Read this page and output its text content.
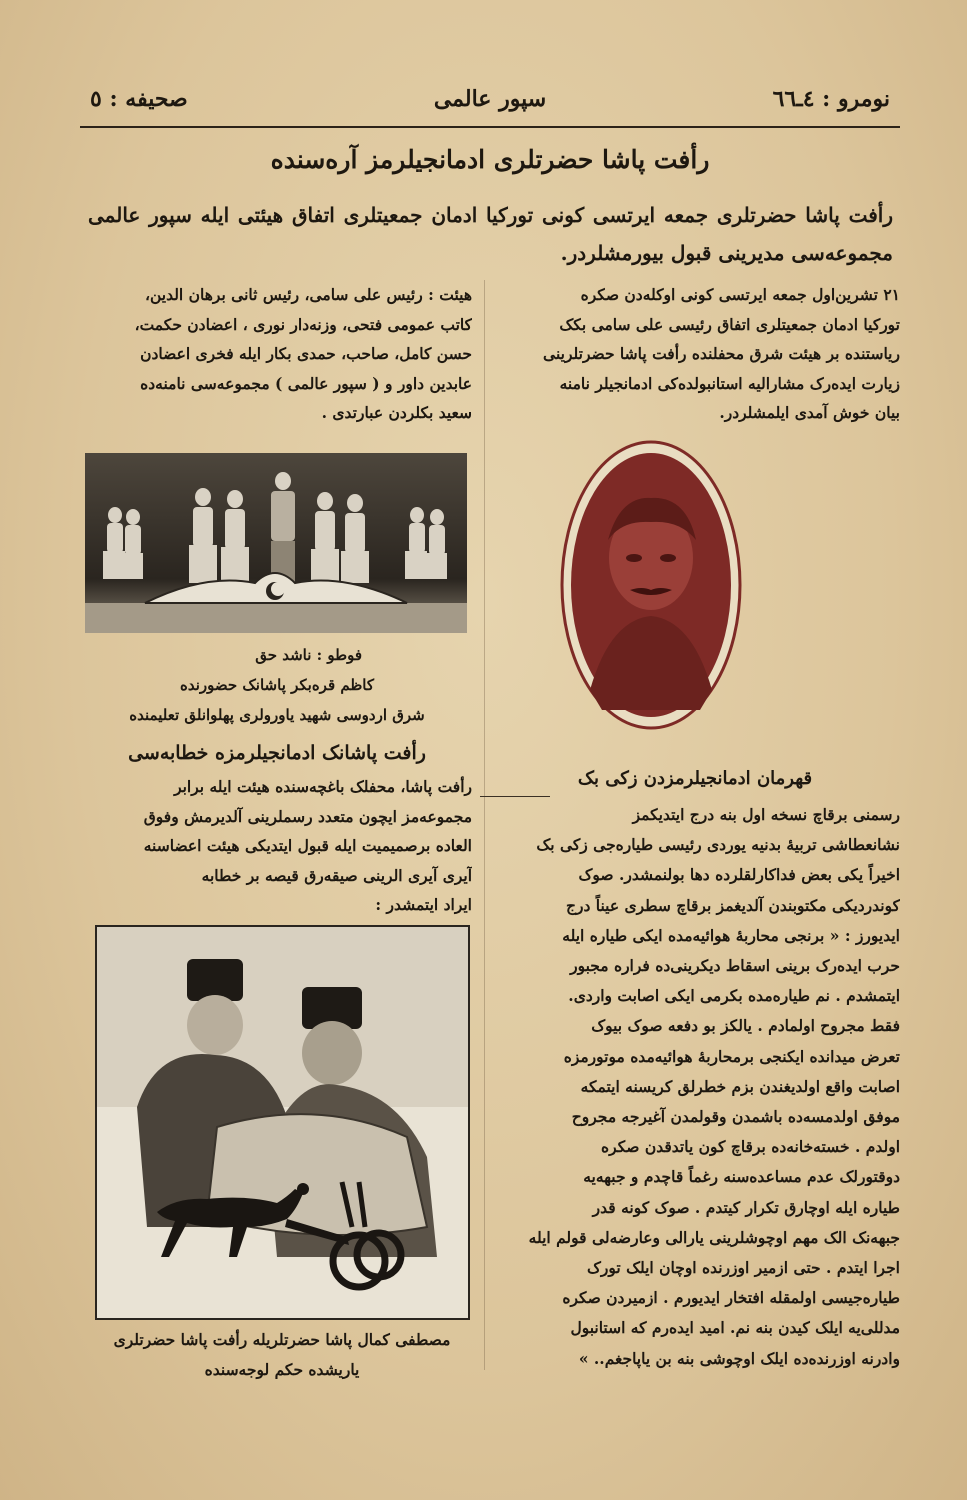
نومرو : ٤ـ٦٦
سپور عالمی
صحیفه : ٥
رأفت پاشا حضرتلری ادمانجیلرمز آره‌سنده
رأفت پاشا حضرتلری جمعه ایرتسی کونی تورکیا ادمان جمعیتلری اتفاق هیئتی ایله سپور عالمی مجموعه‌سی مدیرینی قبول بیورمشلردر.
٢١ تشرین‌اول جمعه ایرتسی کونی اوکله‌دن صکره
تورکیا ادمان جمعیتلری اتفاق رئیسی علی سامی بکک
ریاستنده بر هیئت شرق محفلنده رأفت پاشا حضرتلرینی
زیارت ایده‌رک مشارالیه استانبولده‌کی ادمانجیلر نامنه
بیان خوش آمدی ایلمشلردر.
هیئت : رئیس علی سامی، رئیس ثانی برهان الدین،
کاتب عمومی فتحی، وزنه‌دار نوری ، اعضادن حکمت،
حسن کامل، صاحب، حمدی بکار ایله فخری اعضادن
عابدین داور و ( سپور عالمی ) مجموعه‌سی نامنه‌ده
سعید بکلردن عبارتدی .
فوطو : ناشد حق
کاظم قره‌بکر پاشانک حضورنده
شرق اردوسی شهید یاورولری پهلوانلق تعلیمنده
رأفت پاشانک ادمانجیلرمزه خطابه‌سی
رأفت پاشا، محفلک باغچه‌سنده هیئت ایله برابر
مجموعه‌مز ایچون متعدد رسملرینی آلدیرمش وفوق
العاده برصمیمیت ایله قبول ایتدیکی هیئت اعضاسنه
آیری آیری الرینی صیقه‌رق قیصه بر خطابه
ایراد ایتمشدر :
مصطفی کمال پاشا حضرتلریله رأفت پاشا حضرتلری
یاریشده حکم لوجه‌سنده
قهرمان ادمانجیلرمزدن زکی بک
رسمنی برقاچ نسخه اول بنه درج ایتدیکمز
نشانعطاشی تربیهٔ بدنیه یوردی رئیسی طیاره‌جی زکی بک
اخیراً یکی بعض فداکارلقلرده دها بولنمشدر. صوک
کوندردیکی مکتوبندن آلدیغمز برقاچ سطری عیناً درج
ایدیورز : « برنجی محاربهٔ هوائیه‌مده ایکی طیاره ایله
حرب ایده‌رک برینی اسقاط دیکرینی‌ده فراره مجبور
ایتمشدم . نم طیاره‌مده بکرمی ایکی اصابت واردی.
فقط مجروح اولمادم . یالکز بو دفعه صوک بیوک
تعرض میدانده ایکنجی برمحاربهٔ هوائیه‌مده موتورمزه
اصابت واقع اولدیغندن بزم خطرلق کریسنه ایتمکه
موفق اولدمسه‌ده باشمدن وقولمدن آغیرجه مجروح
اولدم . خسته‌خانه‌ده برقاچ کون یاتدقدن صکره
دوقتورلک عدم مساعده‌سنه رغماً قاچدم و جبهه‌یه
طیاره ایله اوچارق تکرار کیتدم . صوک کونه قدر
جبهه‌نک الک مهم اوچوشلرینی یارالی وعارضه‌لی قولم ایله
اجرا ایتدم . حتی ازمیر اوزرنده اوچان ایلک تورک
طیاره‌جیسی اولمقله افتخار ایدیورم . ازمیردن صکره
مدللی‌یه ایلک کیدن بنه نم. امید ایده‌رم که استانبول
وادرنه اوزرنده‌ده ایلک اوچوشی بنه بن یاپاجغم.. »
